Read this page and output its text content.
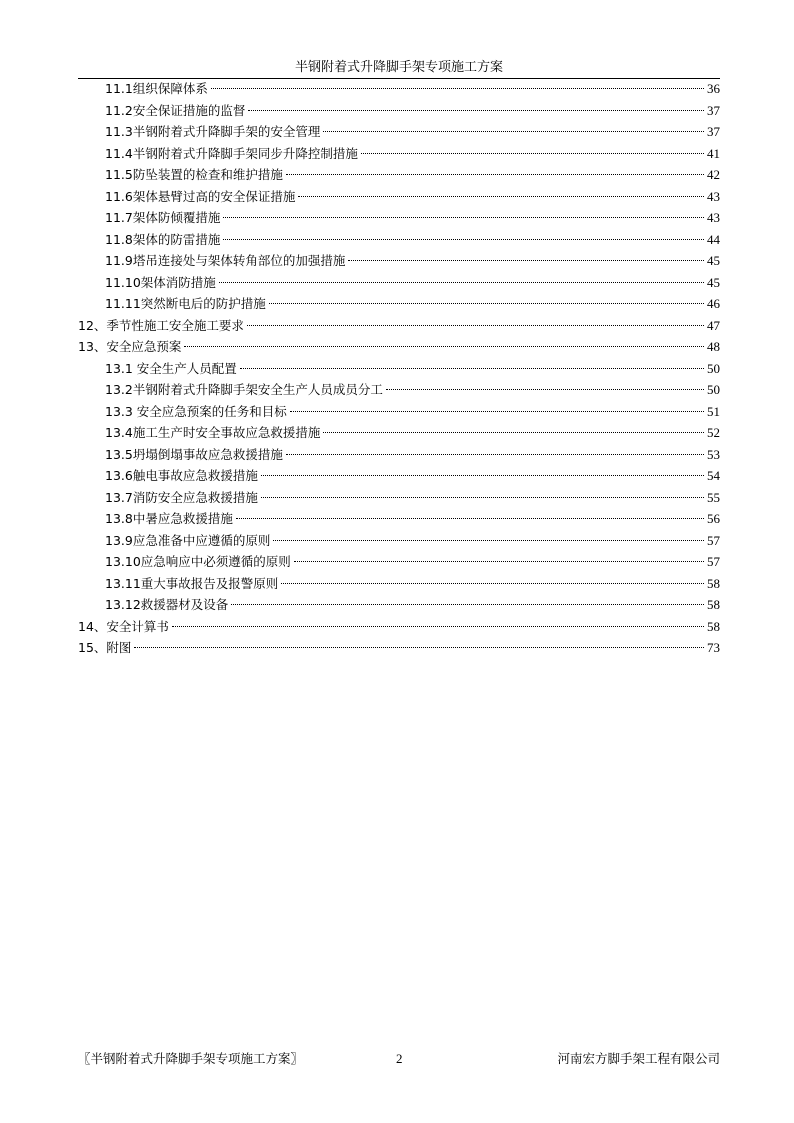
半钢附着式升降脚手架专项施工方案
11.1组织保障体系	36
11.2安全保证措施的监督	37
11.3半钢附着式升降脚手架的安全管理	37
11.4半钢附着式升降脚手架同步升降控制措施	41
11.5防坠装置的检查和维护措施	42
11.6架体悬臂过高的安全保证措施	43
11.7架体防倾覆措施	43
11.8架体的防雷措施	44
11.9塔吊连接处与架体转角部位的加强措施	45
11.10架体消防措施	45
11.11突然断电后的防护措施	46
12、季节性施工安全施工要求	47
13、安全应急预案	48
13.1 安全生产人员配置	50
13.2半钢附着式升降脚手架安全生产人员成员分工	50
13.3 安全应急预案的任务和目标	51
13.4施工生产时安全事故应急救援措施	52
13.5坍塌倒塌事故应急救援措施	53
13.6触电事故应急救援措施	54
13.7消防安全应急救援措施	55
13.8中暑应急救援措施	56
13.9应急准备中应遵循的原则	57
13.10应急响应中必须遵循的原则	57
13.11重大事故报告及报警原则	58
13.12救援器材及设备	58
14、安全计算书	58
15、附图	73
〖半钢附着式升降脚手架专项施工方案〗	2	河南宏方脚手架工程有限公司
